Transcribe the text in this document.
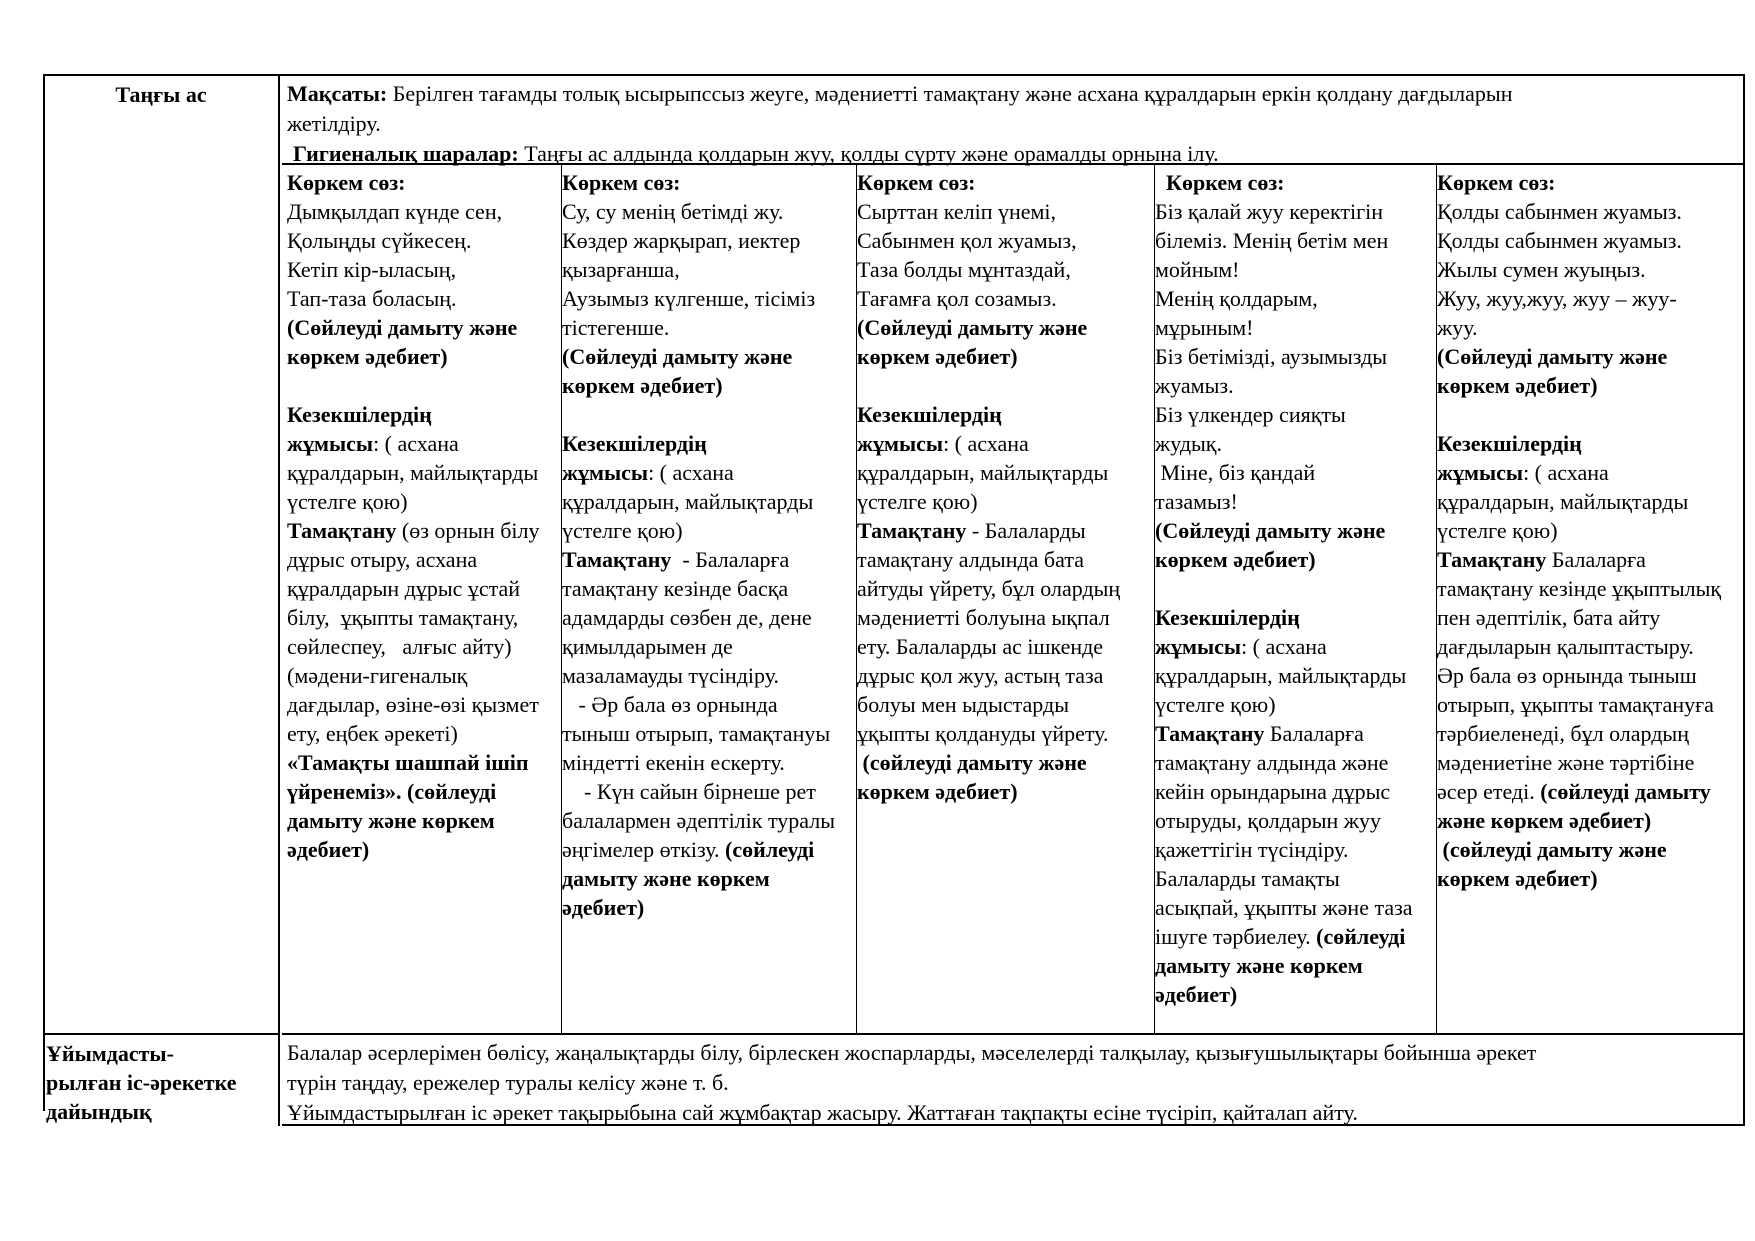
Таңғы ас	Мақсаты: Берілген тағамды толық ысырыпссыз жеуге, мәдениетті тамақтану және асхана құралдарын еркін қолдану дағдыларын
жетілдіру.
Гигиеналық шаралар: Таңғы ас алдында қолдарын жуу, қолды сүрту және орамалды орнына ілу.
Көркем сөз:
Дымқылдап күнде сен,
Қолыңды сүйкесең.
Кетіп кір-ыласың,
Тап-таза боласың.
(Сөйлеуді дамыту және
көркем әдебиет)
Кезекшілердің
жұмысы: ( асхана
құралдарын, майлықтарды
үстелге қою)
Тамақтану (өз орнын білу
дұрыс отыру, асхана
құралдарын дұрыс ұстай
білу,  ұқыпты тамақтану,
сөйлеспеу,   алғыс айту)
(мәдени-гигеналық
дағдылар, өзіне-өзі қызмет
ету, еңбек әрекеті)
«Тамақты шашпай ішіп
үйренеміз». (сөйлеуді
дамыту және көркем
әдебиет)
Көркем сөз:
Су, су менің бетімді жу.
Көздер жарқырап, иектер
қызарғанша,
Аузымыз күлгенше, тісіміз
тістегенше.
(Сөйлеуді дамыту және
көркем әдебиет)
Кезекшілердің
жұмысы: ( асхана
құралдарын, майлықтарды
үстелге қою)
Тамақтану  - Балаларға
тамақтану кезінде басқа
адамдарды сөзбен де, дене
қимылдарымен де
мазаламауды түсіндіру.
- Әр бала өз орнында
тыныш отырып, тамақтануы
міндетті екенін ескерту.
- Күн сайын бірнеше рет
балалармен әдептілік туралы
әңгімелер өткізу. (сөйлеуді
дамыту және көркем
әдебиет)
Көркем сөз:
Сырттан келіп үнемі,
Сабынмен қол жуамыз,
Таза болды мұнтаздай,
Тағамға қол созамыз.
(Сөйлеуді дамыту және
көркем әдебиет)
Кезекшілердің
жұмысы: ( асхана
құралдарын, майлықтарды
үстелге қою)
Тамақтану - Балаларды
тамақтану алдында бата
айтуды үйрету, бұл олардың
мәдениетті болуына ықпал
ету. Балаларды ас ішкенде
дұрыс қол жуу, астың таза
болуы мен ыдыстарды
ұқыпты қолдануды үйрету.
(сөйлеуді дамыту және
көркем әдебиет)
Көркем сөз:
Біз қалай жуу керектігін
білеміз. Менің бетім мен
мойным!
Менің қолдарым,
мұрыным!
Біз бетімізді, аузымызды
жуамыз.
Біз үлкендер сияқты
жудық.
Міне, біз қандай
тазамыз!
(Сөйлеуді дамыту және
көркем әдебиет)
Кезекшілердің
жұмысы: ( асхана
құралдарын, майлықтарды
үстелге қою)
Тамақтану Балаларға
тамақтану алдында және
кейін орындарына дұрыс
отыруды, қолдарын жуу
қажеттігін түсіндіру.
Балаларды тамақты
асықпай, ұқыпты және таза
ішуге тәрбиелеу. (сөйлеуді
дамыту және көркем
әдебиет)
Көркем сөз:
Қолды сабынмен жуамыз.
Қолды сабынмен жуамыз.
Жылы сумен жуыңыз.
Жуу, жуу,жуу, жуу – жуу-
жуу.
(Сөйлеуді дамыту және
көркем әдебиет)
Кезекшілердің
жұмысы: ( асхана
құралдарын, майлықтарды
үстелге қою)
Тамақтану Балаларға
тамақтану кезінде ұқыптылық
пен әдептілік, бата айту
дағдыларын қалыптастыру.
Әр бала өз орнында тыныш
отырып, ұқыпты тамақтануға
тәрбиеленеді, бұл олардың
мәдениетіне және тәртібіне
әсер етеді. (сөйлеуді дамыту
және көркем әдебиет)
(сөйлеуді дамыту және
көркем әдебиет)
Ұйымдасты-
рылған іс-әрекетке
дайындық
Балалар әсерлерімен бөлісу, жаңалықтарды білу, бірлескен жоспарларды, мәселелерді талқылау, қызығушылықтары бойынша әрекет
түрін таңдау, ережелер туралы келісу және т. б.
Ұйымдастырылған іс әрекет тақырыбына сай жұмбақтар жасыру. Жаттаған тақпақты есіне түсіріп, қайталап айту.
